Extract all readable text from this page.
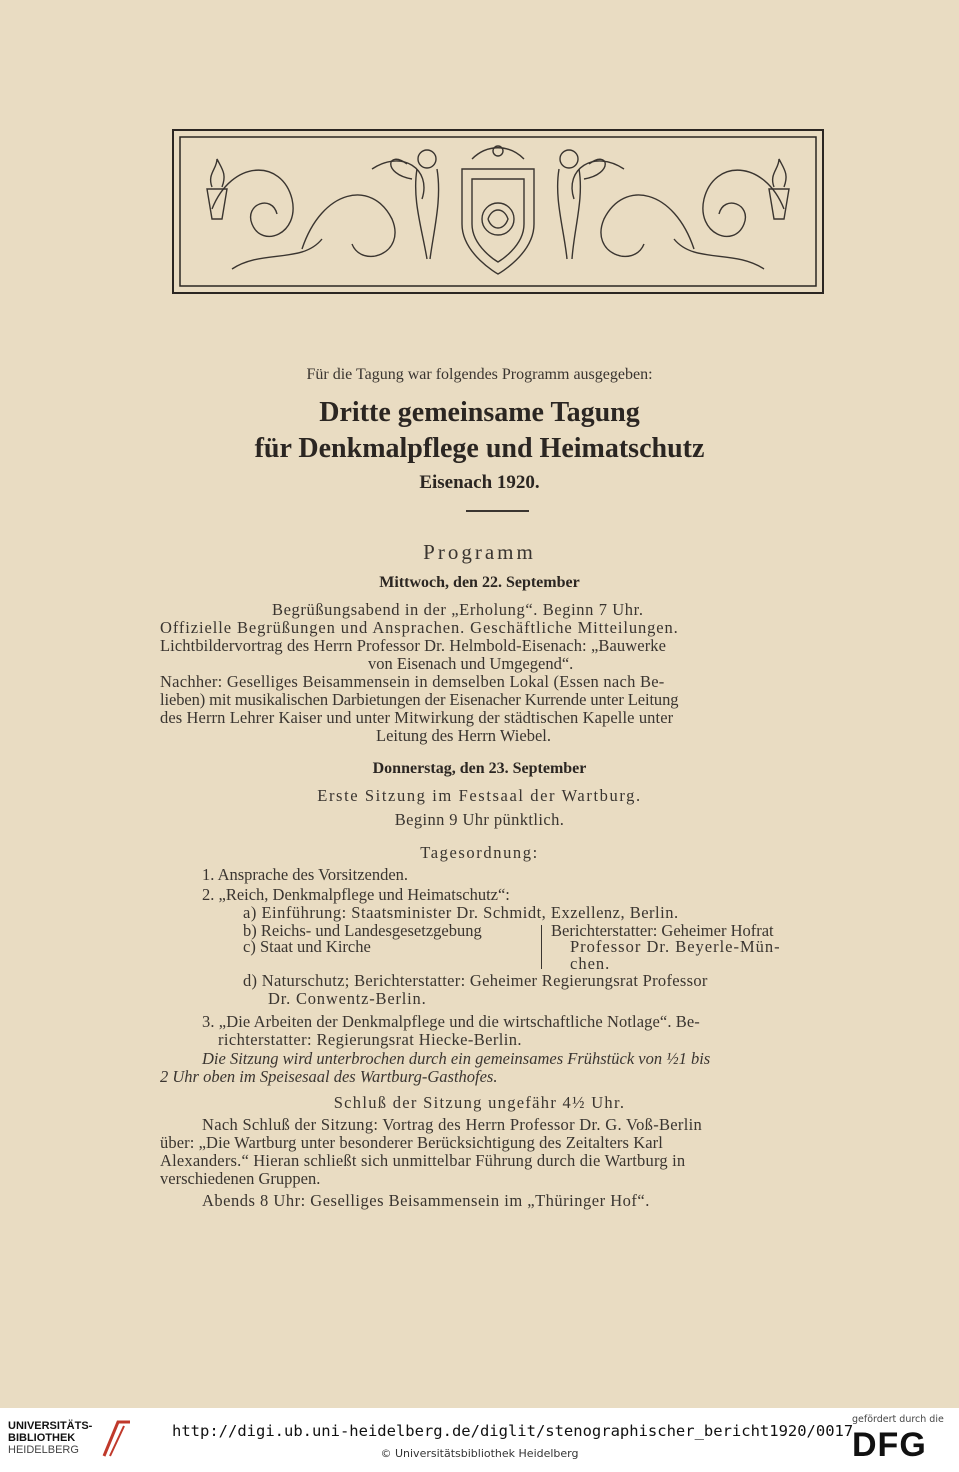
Für die Tagung war folgendes Programm ausgegeben:
Dritte gemeinsame Tagung
für Denkmalpflege und Heimatschutz
Eisenach 1920.
Programm
Mittwoch, den 22. September
Begrüßungsabend in der „Erholung“. Beginn 7 Uhr.
Offizielle Begrüßungen und Ansprachen. Geschäftliche Mitteilungen.
Lichtbildervortrag des Herrn Professor Dr. Helmbold-Eisenach: „Bauwerke
von Eisenach und Umgegend“.
Nachher: Geselliges Beisammensein in demselben Lokal (Essen nach Be-
lieben) mit musikalischen Darbietungen der Eisenacher Kurrende unter Leitung
des Herrn Lehrer Kaiser und unter Mitwirkung der städtischen Kapelle unter
Leitung des Herrn Wiebel.
Donnerstag, den 23. September
Erste Sitzung im Festsaal der Wartburg.
Beginn 9 Uhr pünktlich.
Tagesordnung:
1. Ansprache des Vorsitzenden.
2. „Reich, Denkmalpflege und Heimatschutz“:
a) Einführung: Staatsminister Dr. Schmidt, Exzellenz, Berlin.
b) Reichs- und Landesgesetzgebung
c) Staat und Kirche
Berichterstatter: Geheimer Hofrat
Professor Dr. Beyerle-Mün-
chen.
d) Naturschutz; Berichterstatter: Geheimer Regierungsrat Professor
Dr. Conwentz-Berlin.
3. „Die Arbeiten der Denkmalpflege und die wirtschaftliche Notlage“. Be-
richterstatter: Regierungsrat Hiecke-Berlin.
Die Sitzung wird unterbrochen durch ein gemeinsames Frühstück von ½1 bis
2 Uhr oben im Speisesaal des Wartburg-Gasthofes.
Schluß der Sitzung ungefähr 4½ Uhr.
Nach Schluß der Sitzung: Vortrag des Herrn Professor Dr. G. Voß-Berlin
über: „Die Wartburg unter besonderer Berücksichtigung des Zeitalters Karl
Alexanders.“ Hieran schließt sich unmittelbar Führung durch die Wartburg in
verschiedenen Gruppen.
Abends 8 Uhr: Geselliges Beisammensein im „Thüringer Hof“.
UNIVERSITÄTS-
BIBLIOTHEK
HEIDELBERG
http://digi.ub.uni-heidelberg.de/diglit/stenographischer_bericht1920/0017
© Universitätsbibliothek Heidelberg
gefördert durch die
DFG
